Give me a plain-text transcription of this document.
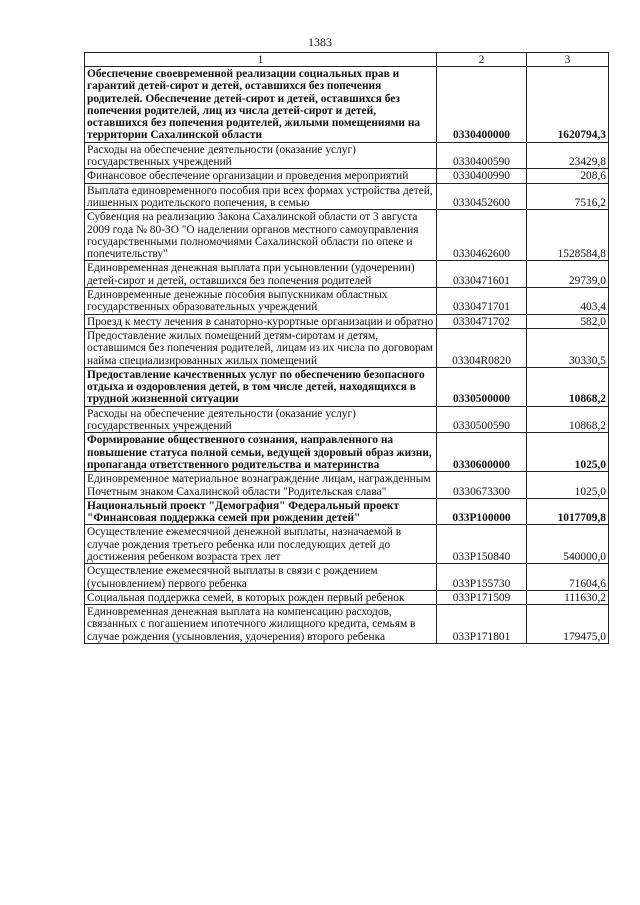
1383
1	2	3
Обеспечение своевременной реализации социальных прав и гарантий детей-сирот и детей, оставшихся без попечения родителей. Обеспечение детей-сирот и детей, оставшихся без попечения родителей, лиц из числа детей-сирот и детей, оставшихся без попечения родителей, жилыми помещениями на территории Сахалинской области	0330400000	1620794,3
Расходы на обеспечение деятельности (оказание услуг) государственных учреждений	0330400590	23429,8
Финансовое обеспечение организации и проведения мероприятий	0330400990	208,6
Выплата единовременного пособия при всех формах устройства детей, лишенных родительского попечения, в семью	0330452600	7516,2
Субвенция на реализацию Закона Сахалинской области от 3 августа 2009 года № 80-ЗО "О наделении органов местного самоуправления государственными полномочиями Сахалинской области по опеке и попечительству"	0330462600	1528584,8
Единовременная денежная выплата при усыновлении (удочерении) детей-сирот и детей, оставшихся без попечения родителей	0330471601	29739,0
Единовременные денежные пособия выпускникам областных государственных образовательных учреждений	0330471701	403,4
Проезд к месту лечения в санаторно-курортные организации и обратно	0330471702	582,0
Предоставление жилых помещений детям-сиротам и детям, оставшимся без попечения родителей, лицам из их числа по договорам найма специализированных жилых помещений	03304R0820	30330,5
Предоставление качественных услуг по обеспечению безопасного отдыха и оздоровления детей, в том числе детей, находящихся в трудной жизненной ситуации	0330500000	10868,2
Расходы на обеспечение деятельности (оказание услуг) государственных учреждений	0330500590	10868,2
Формирование общественного сознания, направленного на повышение статуса полной семьи, ведущей здоровый образ жизни, пропаганда ответственного родительства и материнства	0330600000	1025,0
Единовременное материальное вознаграждение лицам, награжденным Почетным знаком Сахалинской области "Родительская слава"	0330673300	1025,0
Национальный проект "Демография" Федеральный проект "Финансовая поддержка семей при рождении детей"	033P100000	1017709,8
Осуществление ежемесячной денежной выплаты, назначаемой в случае рождения третьего ребенка или последующих детей до достижения ребенком возраста трех лет	033P150840	540000,0
Осуществление ежемесячной выплаты в связи с рождением (усыновлением) первого ребенка	033P155730	71604,6
Социальная поддержка семей, в которых рожден первый ребенок	033P171509	111630,2
Единовременная денежная выплата на компенсацию расходов, связанных с погашением ипотечного жилищного кредита, семьям в случае рождения (усыновления, удочерения) второго ребенка	033P171801	179475,0
